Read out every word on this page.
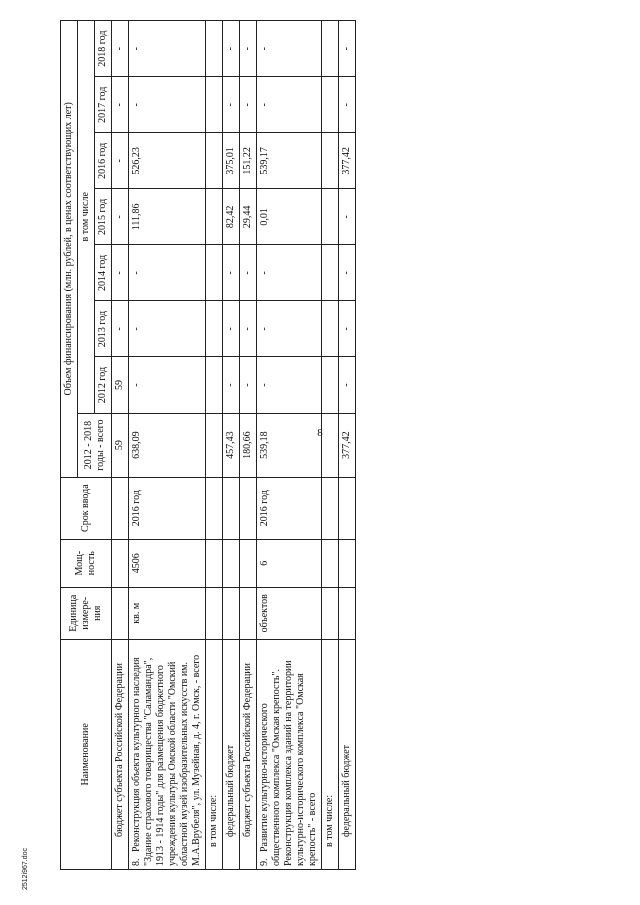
8
Наименование	Единица измере-ния	Мощ-ность	Срок ввода	Объем финансирования (млн. рублей, в ценах соответствующих лет)							
				2012 - 2018 годы - всего	в том числе						
					2012 год	2013 год	2014 год	2015 год	2016 год	2017 год	2018 год
бюджет субъекта Российской Федерации				59	59	-	-	-	-	-	-
8.Реконструкция объекта культурного наследия "Здание страхового товарищества "Саламандра", 1913 - 1914 годы" для размещения бюджетного учреждения культуры Омской области "Омский областной музей изобразительных искусств им. М.А.Врубеля", ул. Музейная, д. 4, г. Омск, - всего	кв. м	4506	2016 год	638,09	-	-	-	111,86	526,23	-	-
в том числе:											
федеральный бюджет				457,43	-	-	-	82,42	375,01	-	-
бюджет субъекта Российской Федерации				180,66	-	-	-	29,44	151,22	-	-
9.Развитие культурно-исторического общественного комплекса "Омская крепость". Реконструкция комплекса зданий на территории культурно-исторического комплекса "Омская крепость" - всего	объектов	6	2016 год	539,18	-	-	-	0,01	539,17	-	-
в том числе:											
федеральный бюджет				377,42	-	-	-	-	377,42	-	-
2512i967.doc
